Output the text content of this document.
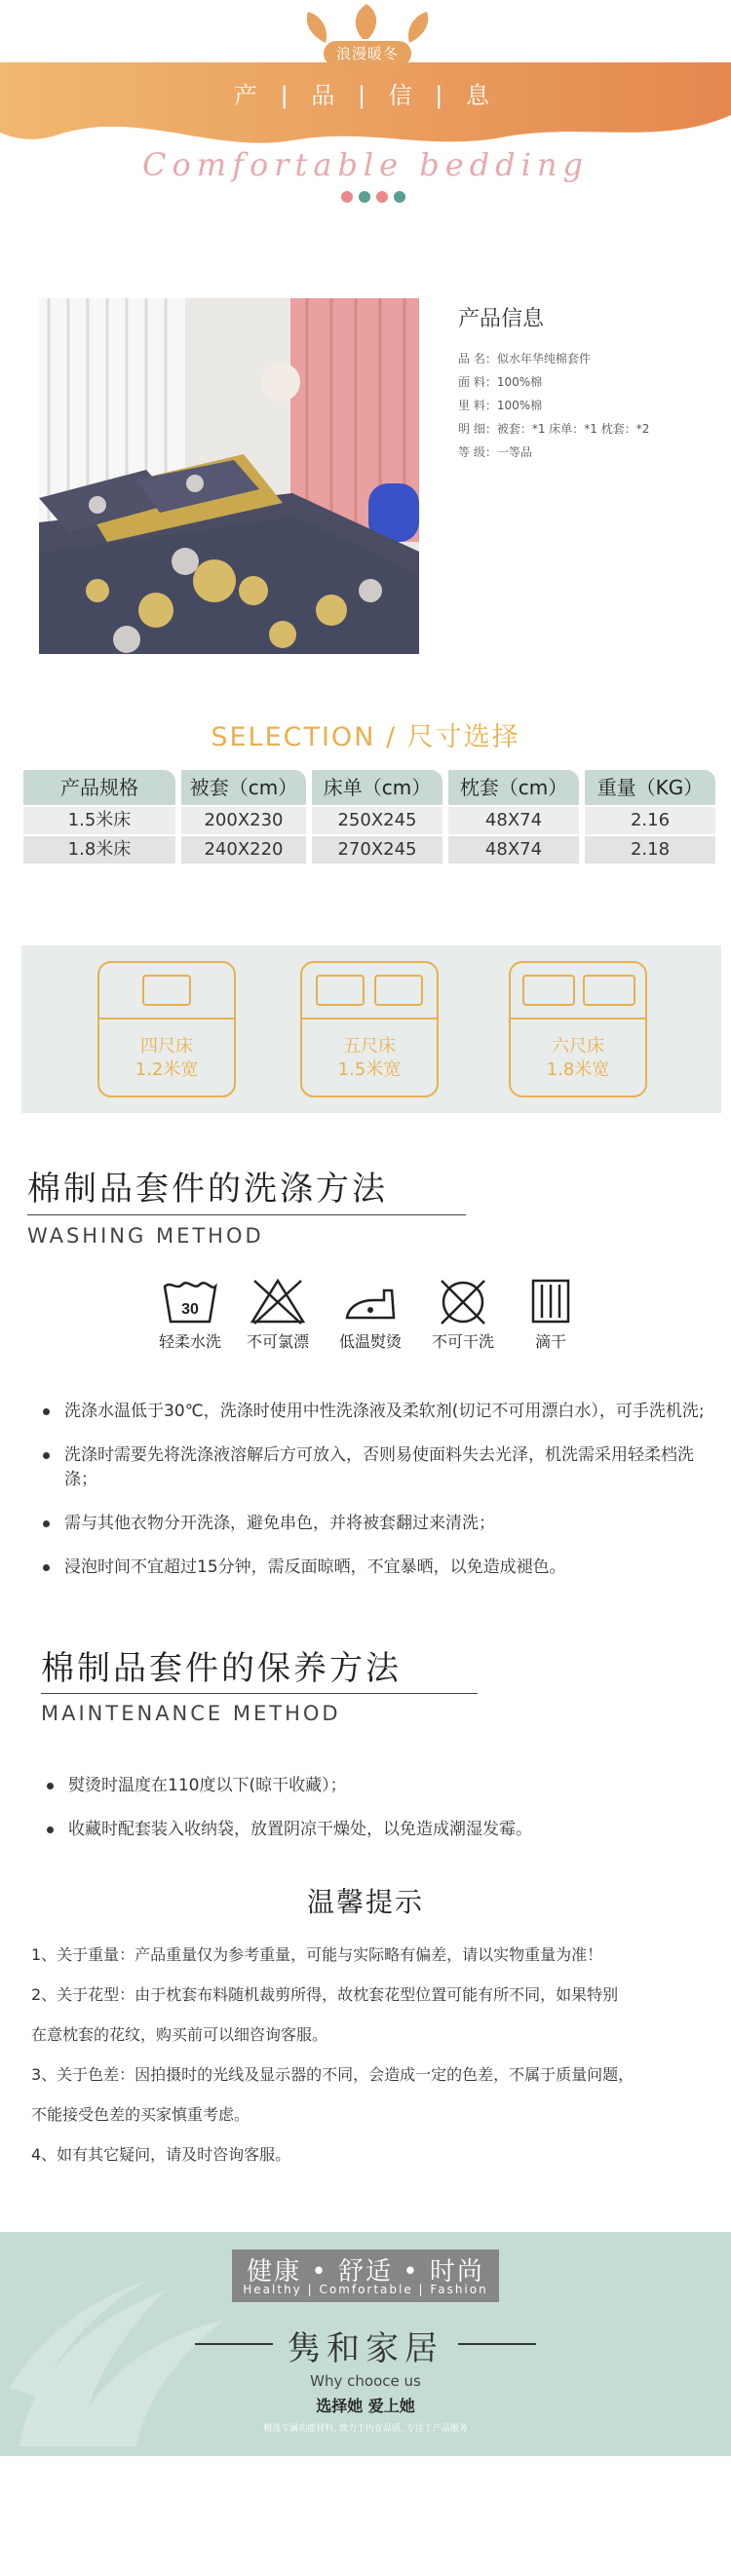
浪漫暖冬
产 | 品 | 信 | 息
Comfortable bedding
产品信息
品 名：似水年华纯棉套件
面 料：100%棉
里 料：100%棉
明 细：被套：*1 床单：*1 枕套：*2
等 级：一等品
SELECTION / 尺寸选择
产品规格	被套（cm）	床单（cm）	枕套（cm）	重量（KG）
1.5米床	200X230	250X245	48X74	2.16
1.8米床	240X220	270X245	48X74	2.18
四尺床
1.2米宽
五尺床
1.5米宽
六尺床
1.8米宽
棉制品套件的洗涤方法
WASHING METHOD
30
轻柔水洗 不可氯漂 低温熨烫 不可干洗	滴干
洗涤水温低于30℃，洗涤时使用中性洗涤液及柔软剂(切记不可用漂白水），可手洗机洗;
洗涤时需要先将洗涤液溶解后方可放入，否则易使面料失去光泽，机洗需采用轻柔档洗涤；
需与其他衣物分开洗涤，避免串色，并将被套翻过来清洗；
浸泡时间不宜超过15分钟，需反面晾晒，不宜暴晒，以免造成褪色。
棉制品套件的保养方法
MAINTENANCE METHOD
熨烫时温度在110度以下(晾干收藏）；
收藏时配套装入收纳袋，放置阴凉干燥处，以免造成潮湿发霉。
温馨提示
1、关于重量：产品重量仅为参考重量，可能与实际略有偏差，请以实物重量为准！
2、关于花型：由于枕套布料随机裁剪所得，故枕套花型位置可能有所不同，如果特别
在意枕套的花纹，购买前可以细咨询客服。
3、关于色差：因拍摄时的光线及显示器的不同，会造成一定的色差，不属于质量问题，
不能接受色差的买家慎重考虑。
4、如有其它疑问，请及时咨询客服。
健康 • 舒适 • 时尚
Healthy | Comfortable | Fashion
隽和家居
Why chooce us
选择她 爱上她
精选专属功能材料, 致力于内在品质, 专注于产品服务
